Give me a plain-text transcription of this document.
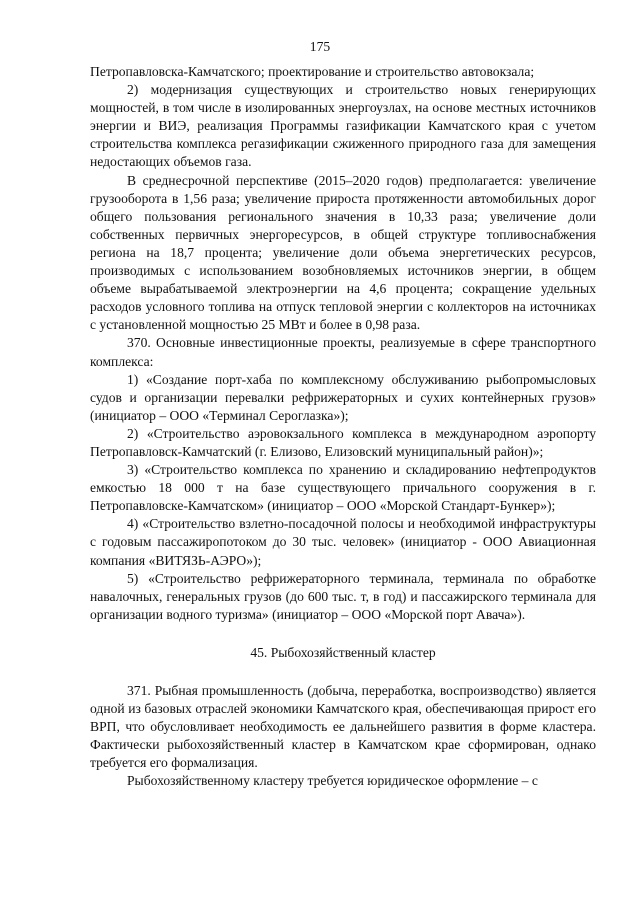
175

Петропавловска-Камчатского; проектирование и строительство автовокзала;

2) модернизация существующих и строительство новых генерирующих мощностей, в том числе в изолированных энергоузлах, на основе местных источников энергии и ВИЭ, реализация Программы газификации Камчатского края с учетом строительства комплекса регазификации сжиженного природного газа для замещения недостающих объемов газа.

В среднесрочной перспективе (2015–2020 годов) предполагается: увеличение грузооборота в 1,56 раза; увеличение прироста протяженности автомобильных дорог общего пользования регионального значения в 10,33 раза; увеличение доли собственных первичных энергоресурсов, в общей структуре топливоснабжения региона на 18,7 процента; увеличение доли объема энергетических ресурсов, производимых с использованием возобновляемых источников энергии, в общем объеме вырабатываемой электроэнергии на 4,6 процента; сокращение удельных расходов условного топлива на отпуск тепловой энергии с коллекторов на источниках с установленной мощностью 25 МВт и более в 0,98 раза.

370. Основные инвестиционные проекты, реализуемые в сфере транспортного комплекса:

1) «Создание порт-хаба по комплексному обслуживанию рыбопромысловых судов и организации перевалки рефрижераторных и сухих контейнерных грузов» (инициатор – ООО «Терминал Сероглазка»);

2) «Строительство аэровокзального комплекса в международном аэропорту Петропавловск-Камчатский (г. Елизово, Елизовский муниципальный район)»;

3) «Строительство комплекса по хранению и складированию нефтепродуктов емкостью 18 000 т на базе существующего причального сооружения в г. Петропавловске-Камчатском» (инициатор – ООО «Морской Стандарт-Бункер»);

4) «Строительство взлетно-посадочной полосы и необходимой инфраструктуры с годовым пассажиропотоком до 30 тыс. человек» (инициатор - ООО Авиационная компания «ВИТЯЗЬ-АЭРО»);

5) «Строительство рефрижераторного терминала, терминала по обработке навалочных, генеральных грузов (до 600 тыс. т, в год) и пассажирского терминала для организации водного туризма» (инициатор – ООО «Морской порт Авача»).

45. Рыбохозяйственный кластер

371. Рыбная промышленность (добыча, переработка, воспроизводство) является одной из базовых отраслей экономики Камчатского края, обеспечивающая прирост его ВРП, что обусловливает необходимость ее дальнейшего развития в форме кластера. Фактически рыбохозяйственный кластер в Камчатском крае сформирован, однако требуется его формализация.

Рыбохозяйственному кластеру требуется юридическое оформление – с
